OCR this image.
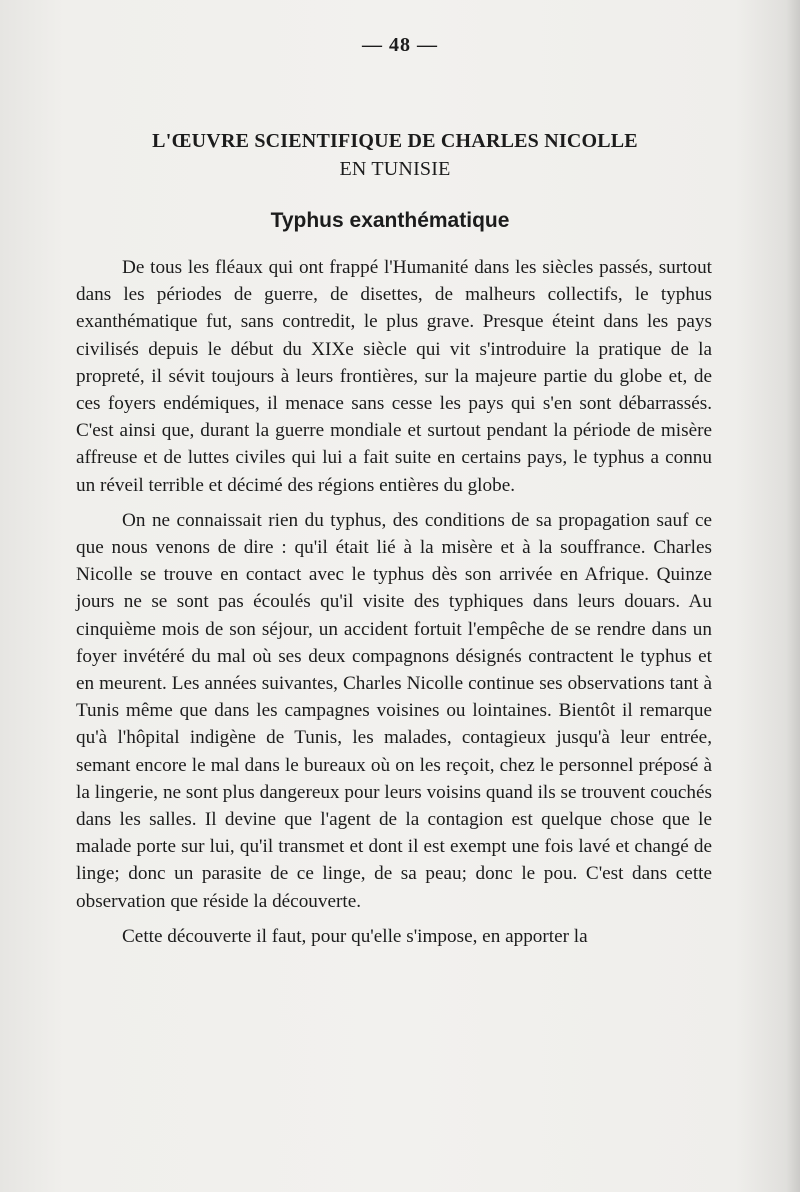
— 48 —
L'ŒUVRE SCIENTIFIQUE DE CHARLES NICOLLE
EN TUNISIE
Typhus exanthématique

De tous les fléaux qui ont frappé l'Humanité dans les siècles passés, surtout dans les périodes de guerre, de disettes, de malheurs collectifs, le typhus exanthématique fut, sans contredit, le plus grave. Presque éteint dans les pays civilisés depuis le début du XIXe siècle qui vit s'introduire la pratique de la propreté, il sévit toujours à leurs frontières, sur la majeure partie du globe et, de ces foyers endémiques, il menace sans cesse les pays qui s'en sont débarrassés. C'est ainsi que, durant la guerre mondiale et surtout pendant la période de misère affreuse et de luttes civiles qui lui a fait suite en certains pays, le typhus a connu un réveil terrible et décimé des régions entières du globe.

On ne connaissait rien du typhus, des conditions de sa propagation sauf ce que nous venons de dire : qu'il était lié à la misère et à la souffrance. Charles Nicolle se trouve en contact avec le typhus dès son arrivée en Afrique. Quinze jours ne se sont pas écoulés qu'il visite des typhiques dans leurs douars. Au cinquième mois de son séjour, un accident fortuit l'empêche de se rendre dans un foyer invétéré du mal où ses deux compagnons désignés contractent le typhus et en meurent. Les années suivantes, Charles Nicolle continue ses observations tant à Tunis même que dans les campagnes voisines ou lointaines. Bientôt il remarque qu'à l'hôpital indigène de Tunis, les malades, contagieux jusqu'à leur entrée, semant encore le mal dans le bureaux où on les reçoit, chez le personnel préposé à la lingerie, ne sont plus dangereux pour leurs voisins quand ils se trouvent couchés dans les salles. Il devine que l'agent de la contagion est quelque chose que le malade porte sur lui, qu'il transmet et dont il est exempt une fois lavé et changé de linge; donc un parasite de ce linge, de sa peau; donc le pou. C'est dans cette observation que réside la découverte.

Cette découverte il faut, pour qu'elle s'impose, en apporter la
